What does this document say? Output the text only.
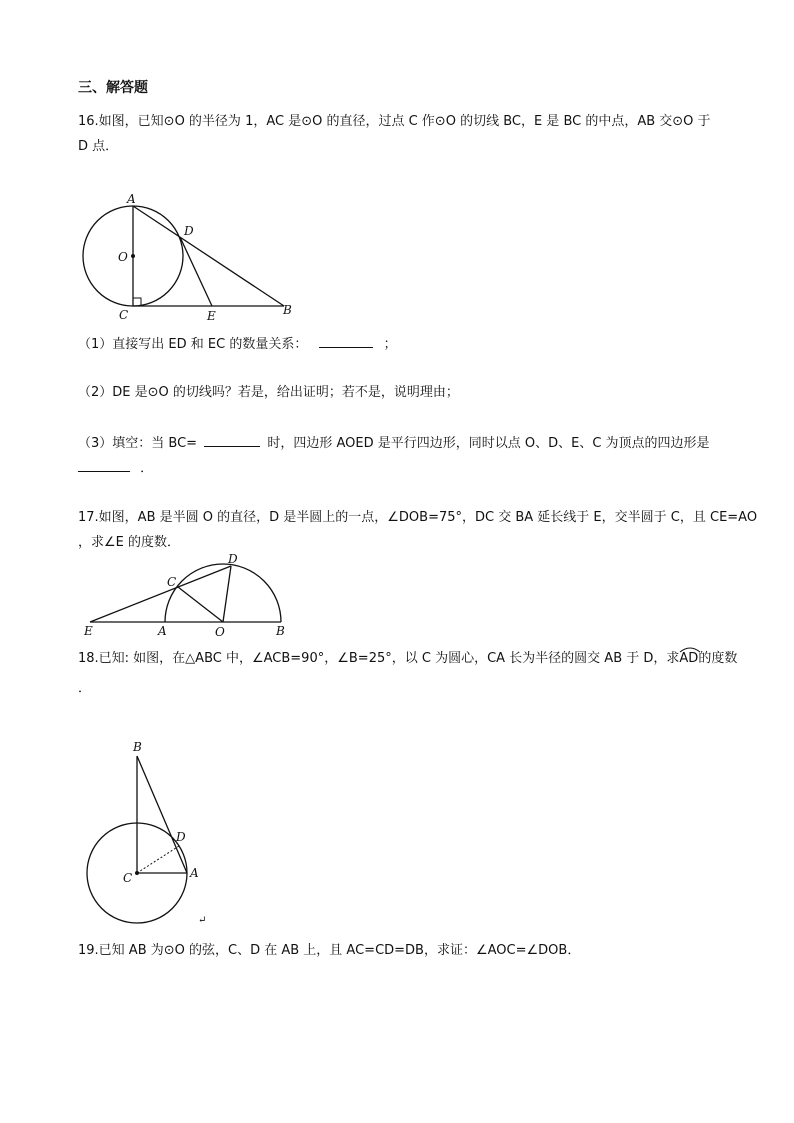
三、解答题
16.如图，已知⊙O 的半径为 1，AC 是⊙O 的直径，过点 C 作⊙O 的切线 BC，E 是 BC 的中点，AB 交⊙O 于
D 点．
A
D
O
C	E	B
（1）直接写出 ED 和 EC 的数量关系：	；
（2）DE 是⊙O 的切线吗？若是，给出证明；若不是，说明理由；
（3）填空：当 BC=	时，四边形 AOED 是平行四边形，同时以点 O、D、E、C 为顶点的四边形是
．
17.如图，AB 是半圆 O 的直径，D 是半圆上的一点，∠DOB=75°，DC 交 BA 延长线于 E，交半圆于 C，且 CE=AO
，求∠E 的度数．
E	A	O	B
C
D
18.已知: 如图，在△ABC 中，∠ACB=90°，∠B=25°，以 C 为圆心，CA 长为半径的圆交 AB 于 D，求
AD的度数
．
B
D
C	A
↵
19.已知 AB 为⊙O 的弦，C、D 在 AB 上，且 AC=CD=DB，求证：∠AOC=∠DOB．
